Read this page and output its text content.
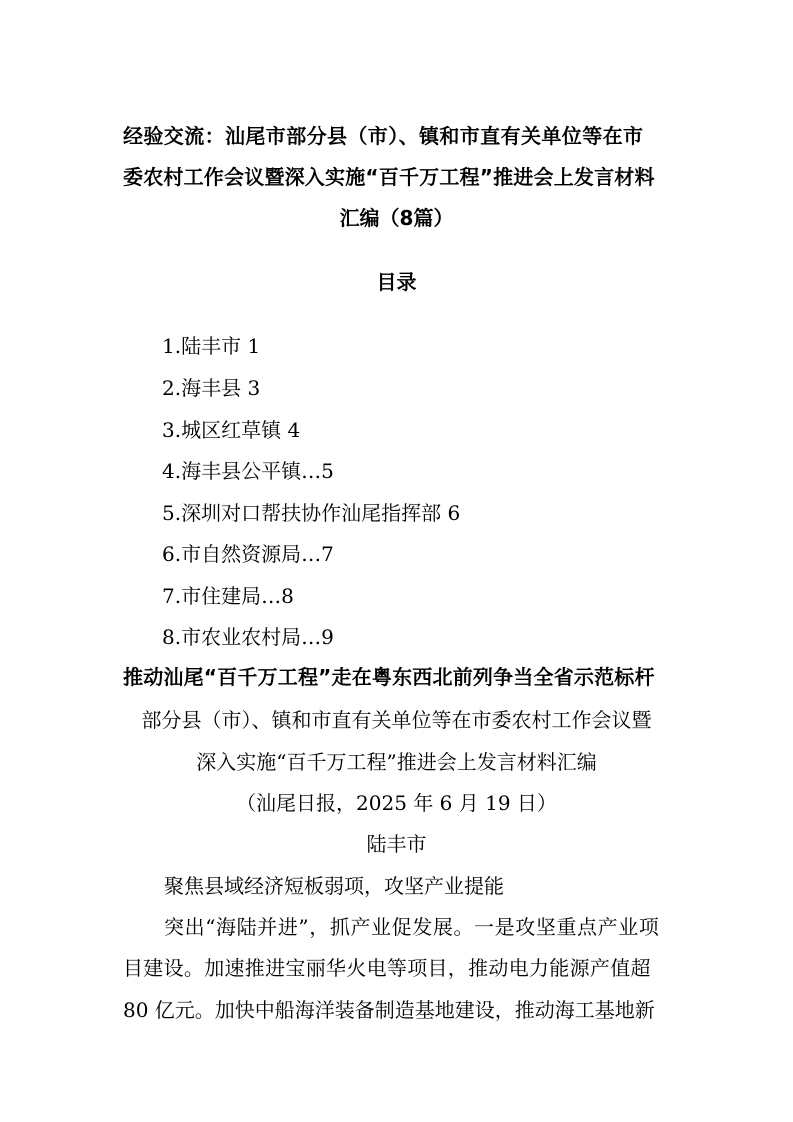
经验交流：汕尾市部分县（市）、镇和市直有关单位等在市
委农村工作会议暨深入实施“百千万工程”推进会上发言材料
汇编（8篇）
目录
1.陆丰市 1
2.海丰县 3
3.城区红草镇 4
4.海丰县公平镇…5
5.深圳对口帮扶协作汕尾指挥部 6
6.市自然资源局…7
7.市住建局…8
8.市农业农村局…9
推动汕尾“百千万工程”走在粤东西北前列争当全省示范标杆
部分县（市）、镇和市直有关单位等在市委农村工作会议暨
深入实施“百千万工程”推进会上发言材料汇编
（汕尾日报，2025 年 6 月 19 日）
陆丰市
聚焦县域经济短板弱项，攻坚产业提能
突出“海陆并进”，抓产业促发展。一是攻坚重点产业项
目建设。加速推进宝丽华火电等项目，推动电力能源产值超
80 亿元。加快中船海洋装备制造基地建设，推动海工基地新
